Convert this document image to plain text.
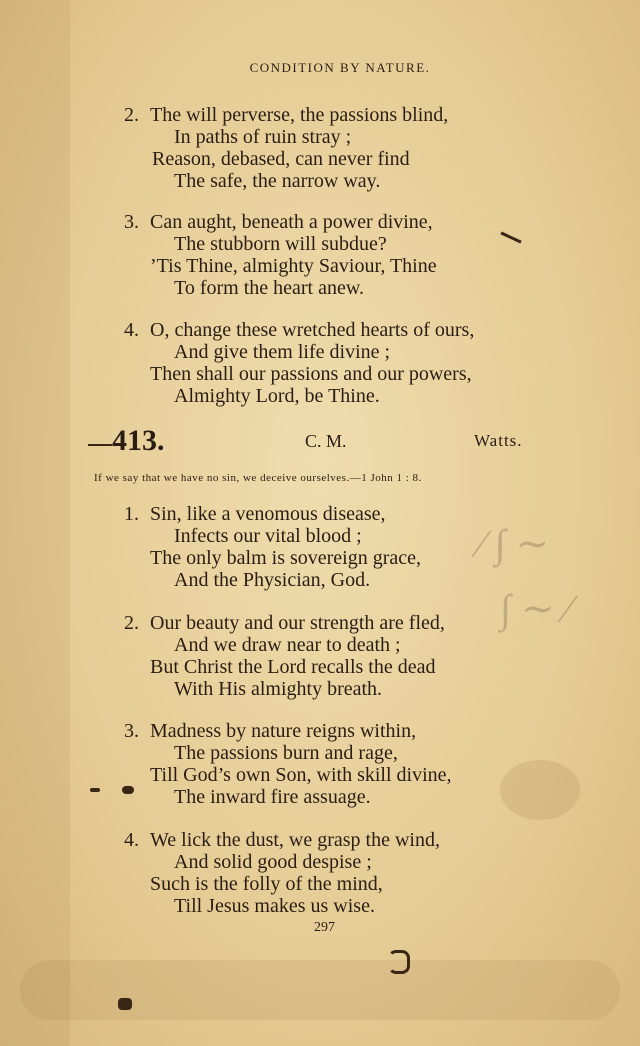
CONDITION BY NATURE.
2. The will perverse, the passions blind,
In paths of ruin stray ;
Reason, debased, can never find
The safe, the narrow way.
3. Can aught, beneath a power divine,
The stubborn will subdue?
’Tis Thine, almighty Saviour, Thine
To form the heart anew.
4. O, change these wretched hearts of ours,
And give them life divine ;
Then shall our passions and our powers,
Almighty Lord, be Thine.
413.	C. M.	Watts.
If we say that we have no sin, we deceive ourselves.—1 John 1 : 8.
1. Sin, like a venomous disease,
Infects our vital blood ;
The only balm is sovereign grace,
And the Physician, God.
2. Our beauty and our strength are fled,
And we draw near to death ;
But Christ the Lord recalls the dead
With His almighty breath.
3. Madness by nature reigns within,
The passions burn and rage,
Till God’s own Son, with skill divine,
The inward fire assuage.
4. We lick the dust, we grasp the wind,
And solid good despise ;
Such is the folly of the mind,
Till Jesus makes us wise.
297
∕ ∫ ∼
∫ ∼ ∕
